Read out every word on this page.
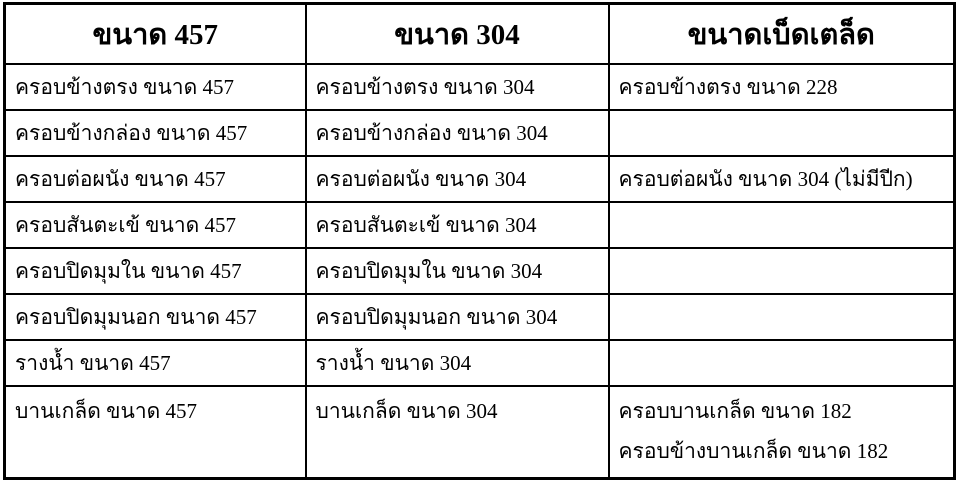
ขนาด 457	ขนาด 304	ขนาดเบ็ดเตล็ด

ครอบข้างตรง ขนาด 457	ครอบข้างตรง ขนาด 304	ครอบข้างตรง ขนาด 228

ครอบข้างกล่อง ขนาด 457	ครอบข้างกล่อง ขนาด 304	

ครอบต่อผนัง ขนาด 457	ครอบต่อผนัง ขนาด 304	ครอบต่อผนัง ขนาด 304 (ไม่มีปีก)

ครอบสันตะเข้ ขนาด 457	ครอบสันตะเข้ ขนาด 304	

ครอบปิดมุมใน ขนาด 457	ครอบปิดมุมใน ขนาด 304	

ครอบปิดมุมนอก ขนาด 457	ครอบปิดมุมนอก ขนาด 304	

รางน้ำ ขนาด 457	รางน้ำ ขนาด 304	

บานเกล็ด ขนาด 457	บานเกล็ด ขนาด 304	ครอบบานเกล็ด ขนาด 182
ครอบข้างบานเกล็ด ขนาด 182
